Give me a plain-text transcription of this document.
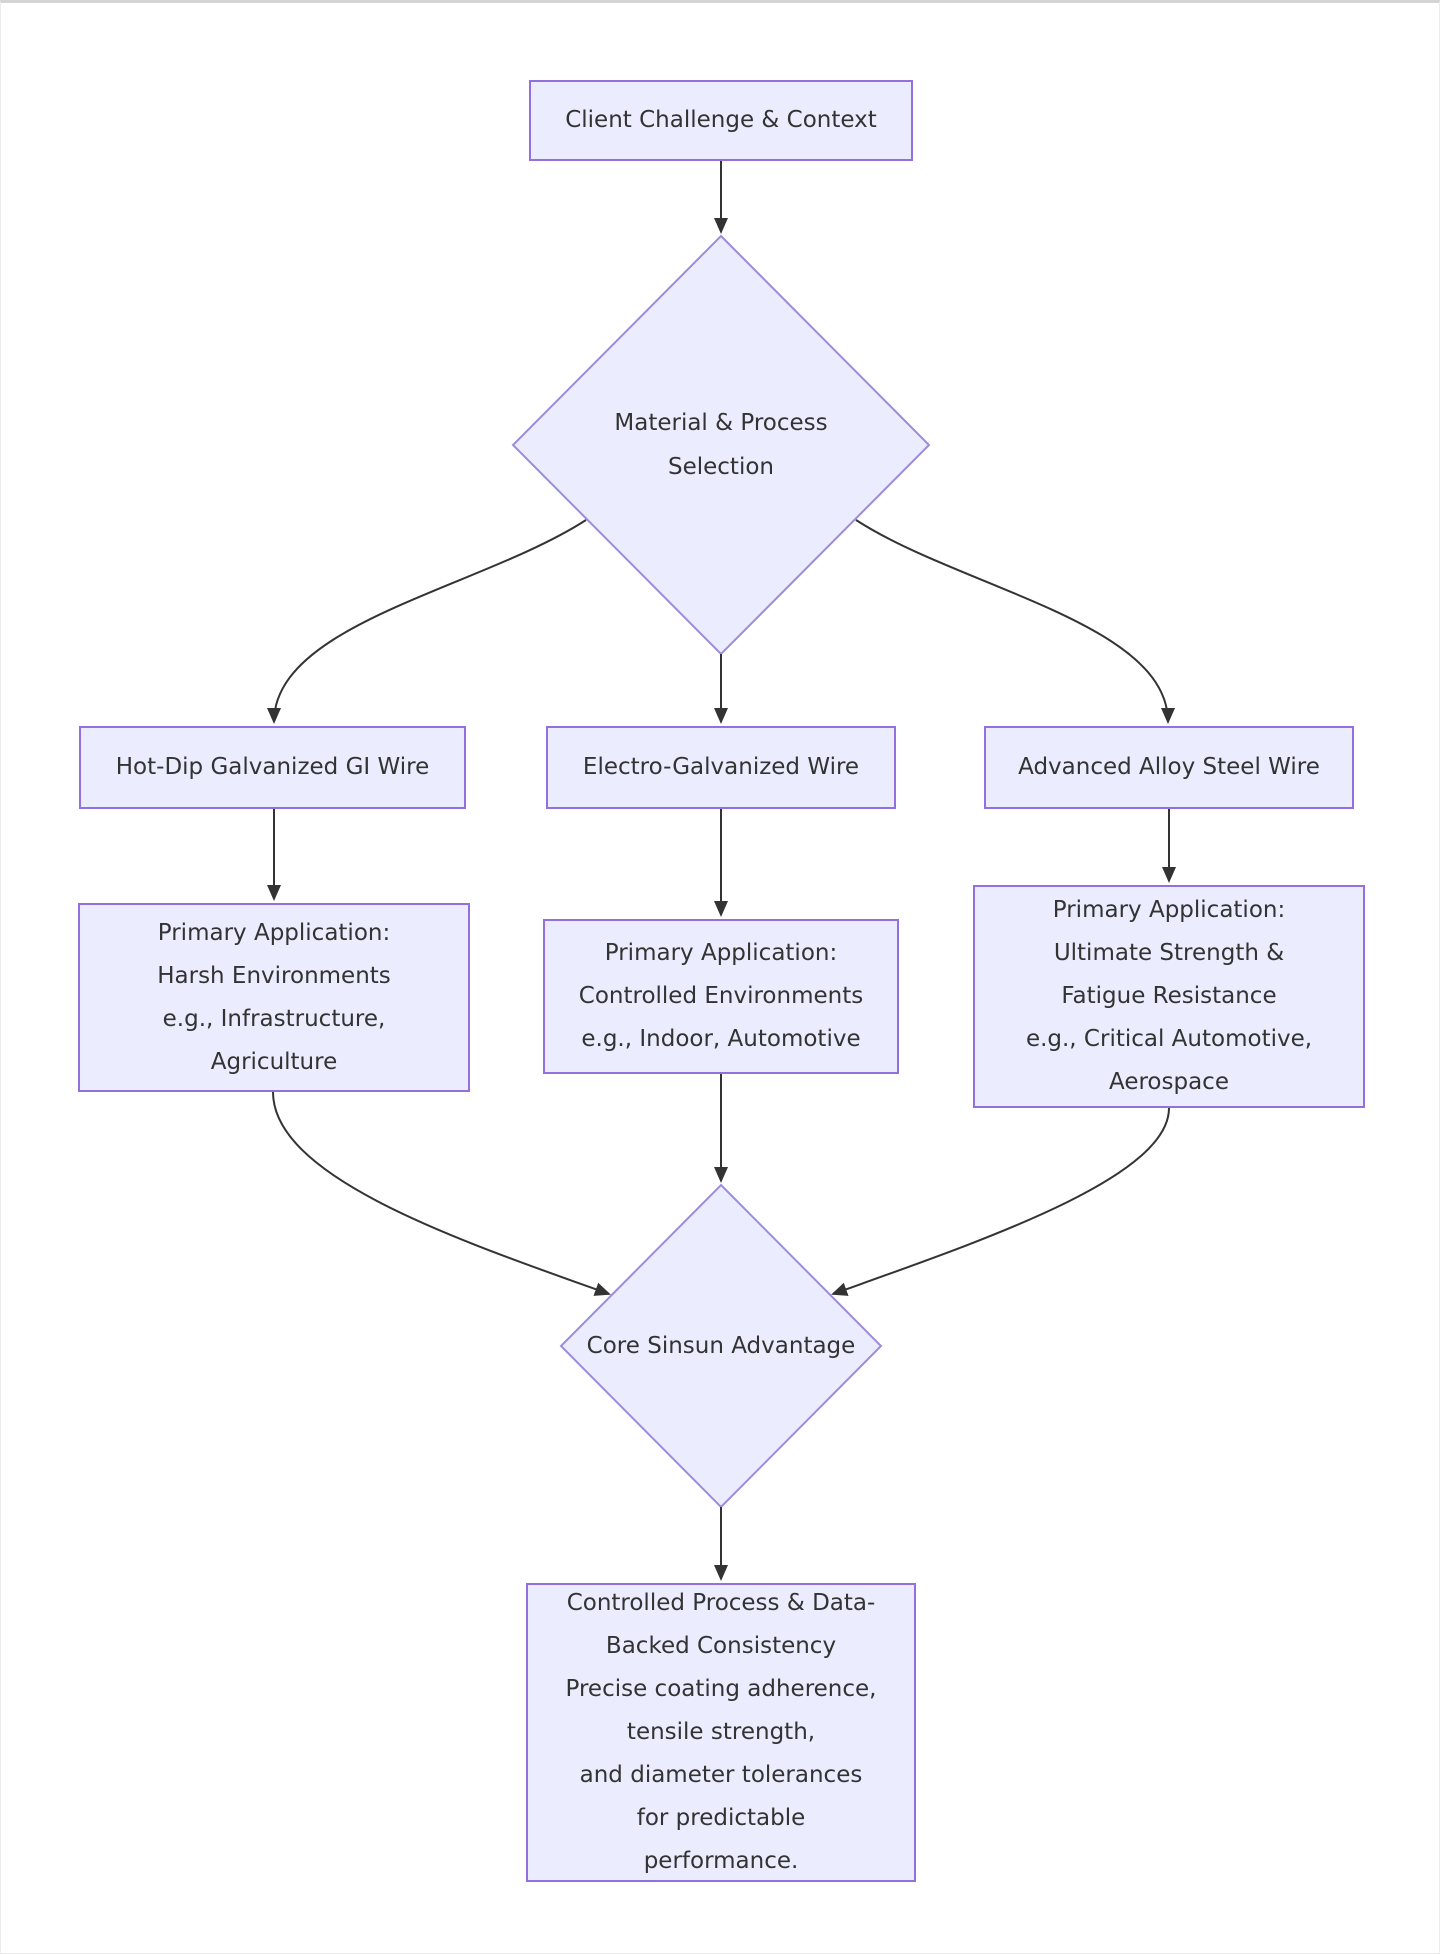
Client Challenge & Context
Hot-Dip Galvanized GI Wire	Electro-Galvanized Wire	Advanced Alloy Steel Wire
Primary Application:
Harsh Environments
e.g., Infrastructure,
Agriculture
Primary Application:
Controlled Environments
e.g., Indoor, Automotive
Primary Application:
Ultimate Strength &
Fatigue Resistance
e.g., Critical Automotive,
Aerospace
Controlled Process & Data-
Backed Consistency
Precise coating adherence,
tensile strength,
and diameter tolerances
for predictable
performance.
Material & Process
Selection
Core Sinsun Advantage
